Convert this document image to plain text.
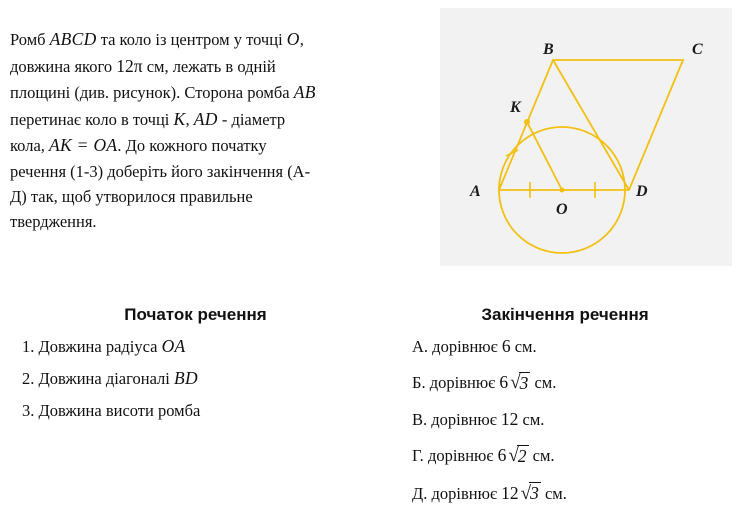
Ромб ABCD та коло із центром у точці O,
довжина якого 12π см, лежать в одній
площині (див. рисунок). Сторона ромба AB
перетинає коло в точці K, AD - діаметр
кола, AK = OA. До кожного початку
речення (1-3) доберіть його закінчення (А-
Д) так, щоб утворилося правильне
твердження.
A
B	C
D
K
O
Початок речення
1. Довжина радіуса OA
2. Довжина діагоналі BD
3. Довжина висоти ромба
Закінчення речення
А. дорівнює 6 см.
Б. дорівнює 6 √3 см.
В. дорівнює 12 см.
Г. дорівнює 6 √2 см.
Д. дорівнює 12 √3 см.
